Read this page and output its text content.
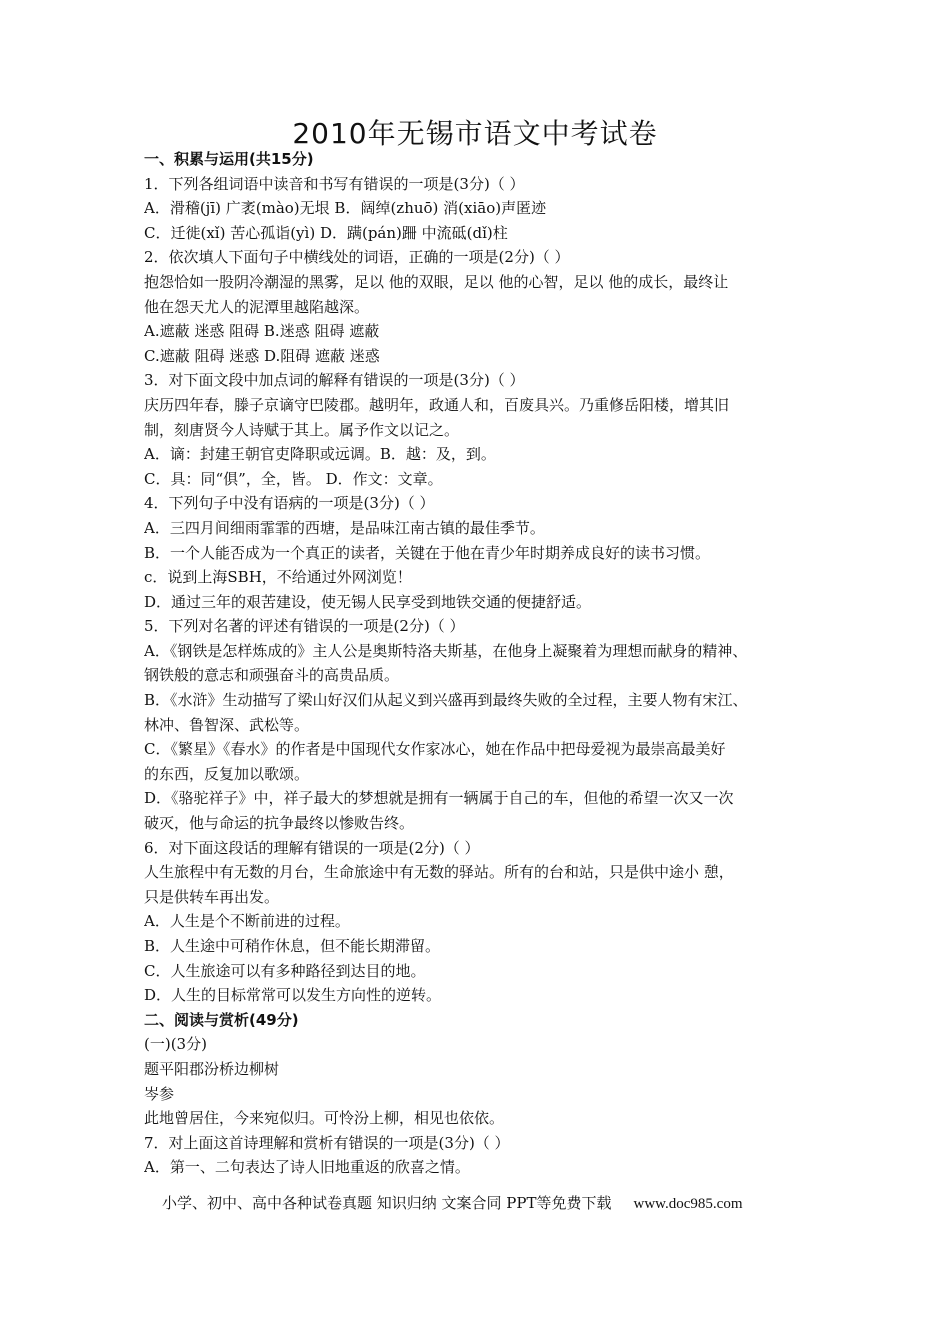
2010年无锡市语文中考试卷
一、积累与运用(共15分)
1．下列各组词语中读音和书写有错误的一项是(3分)（ ）
A．滑稽(jī) 广袤(mào)无垠 B．阔绰(zhuō) 消(xiāo)声匿迹
C．迁徙(xǐ) 苦心孤诣(yì) D．蹒(pán)跚 中流砥(dǐ)柱
2．依次填人下面句子中横线处的词语，正确的一项是(2分)（ ）
抱怨恰如一股阴冷潮湿的黑雾，足以 他的双眼，足以 他的心智，足以 他的成长，最终让
他在怨天尤人的泥潭里越陷越深。
A.遮蔽 迷惑 阻碍 B.迷惑 阻碍 遮蔽
C.遮蔽 阻碍 迷惑 D.阻碍 遮蔽 迷惑
3．对下面文段中加点词的解释有错误的一项是(3分)（ ）
庆历四年春，滕子京谪守巴陵郡。越明年，政通人和，百废具兴。乃重修岳阳楼，增其旧
制，刻唐贤今人诗赋于其上。属予作文以记之。
A．谪：封建王朝官吏降职或远调。B．越：及，到。
C．具：同“俱”，全，皆。 D．作文：文章。
4．下列句子中没有语病的一项是(3分)（ ）
A．三四月间细雨霏霏的西塘，是品味江南古镇的最佳季节。
B．一个人能否成为一个真正的读者，关键在于他在青少年时期养成良好的读书习惯。
c．说到上海SBH，不给通过外网浏览！
D．通过三年的艰苦建设，使无锡人民享受到地铁交通的便捷舒适。
5．下列对名著的评述有错误的一项是(2分)（ ）
A．《钢铁是怎样炼成的》主人公是奥斯特洛夫斯基，在他身上凝聚着为理想而献身的精神、
钢铁般的意志和顽强奋斗的高贵品质。
B．《水浒》生动描写了梁山好汉们从起义到兴盛再到最终失败的全过程，主要人物有宋江、
林冲、鲁智深、武松等。
C．《繁星》《春水》的作者是中国现代女作家冰心，她在作品中把母爱视为最崇高最美好
的东西，反复加以歌颂。
D．《骆驼祥子》中，祥子最大的梦想就是拥有一辆属于自己的车，但他的希望一次又一次
破灭，他与命运的抗争最终以惨败告终。
6．对下面这段话的理解有错误的一项是(2分)（ ）
人生旅程中有无数的月台，生命旅途中有无数的驿站。所有的台和站，只是供中途小 憩，
只是供转车再出发。
A．人生是个不断前进的过程。
B．人生途中可稍作休息，但不能长期滞留。
C．人生旅途可以有多种路径到达目的地。
D．人生的目标常常可以发生方向性的逆转。
二、阅读与赏析(49分)
(一)(3分)
题平阳郡汾桥边柳树
岑参
此地曾居住，今来宛似归。可怜汾上柳，相见也依依。
7．对上面这首诗理解和赏析有错误的一项是(3分)（ ）
A．第一、二句表达了诗人旧地重返的欣喜之情。
小学、初中、高中各种试卷真题 知识归纳 文案合同 PPT等免费下载 www.doc985.com
